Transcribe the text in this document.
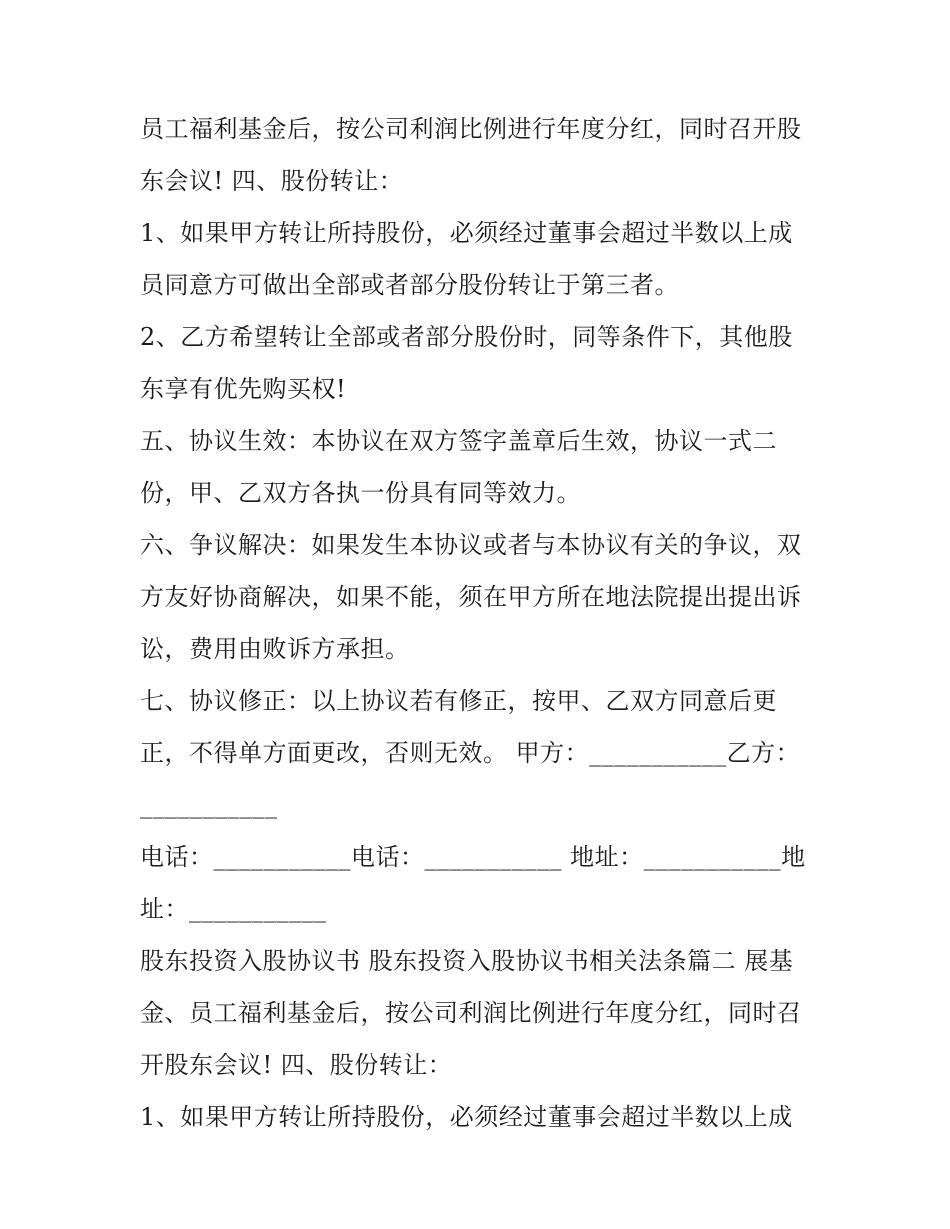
员工福利基金后，按公司利润比例进行年度分红，同时召开股
东会议! 四、股份转让：
1、如果甲方转让所持股份，必须经过董事会超过半数以上成
员同意方可做出全部或者部分股份转让于第三者。
2、乙方希望转让全部或者部分股份时，同等条件下，其他股
东享有优先购买权!
五、协议生效：本协议在双方签字盖章后生效，协议一式二
份，甲、乙双方各执一份具有同等效力。
六、争议解决：如果发生本协议或者与本协议有关的争议，双
方友好协商解决，如果不能，须在甲方所在地法院提出提出诉
讼，费用由败诉方承担。
七、协议修正：以上协议若有修正，按甲、乙双方同意后更
正，不得单方面更改，否则无效。 甲方：___________乙方：
___________
电话：___________电话：___________ 地址：___________地
址：___________
股东投资入股协议书 股东投资入股协议书相关法条篇二 展基
金、员工福利基金后，按公司利润比例进行年度分红，同时召
开股东会议! 四、股份转让：
1、如果甲方转让所持股份，必须经过董事会超过半数以上成
